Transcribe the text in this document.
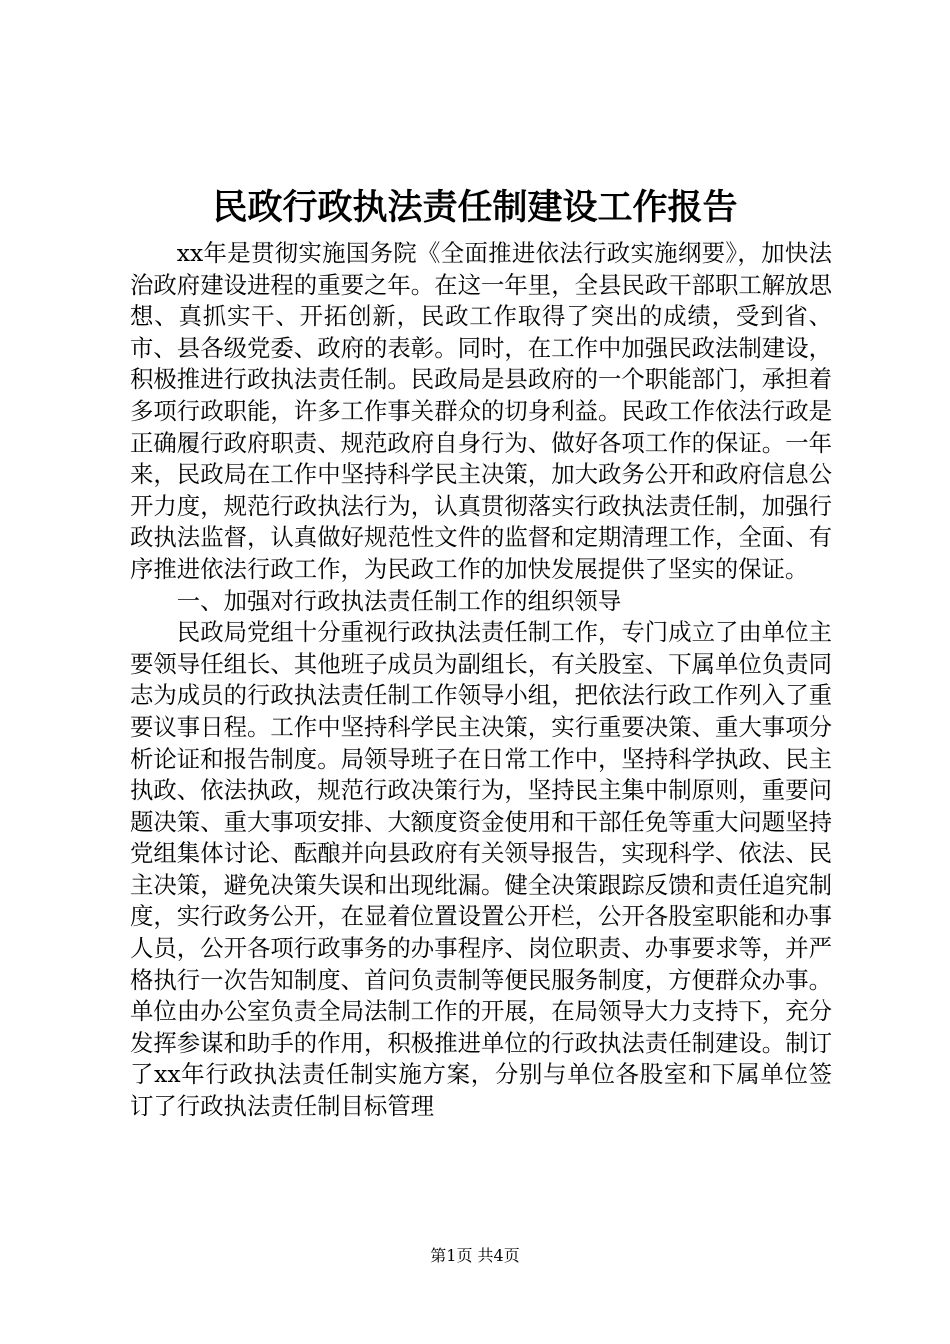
民政行政执法责任制建设工作报告

xx年是贯彻实施国务院《全面推进依法行政实施纲要》，加快法治政府建设进程的重要之年。在这一年里，全县民政干部职工解放思想、真抓实干、开拓创新，民政工作取得了突出的成绩，受到省、市、县各级党委、政府的表彰。同时，在工作中加强民政法制建设，积极推进行政执法责任制。民政局是县政府的一个职能部门，承担着多项行政职能，许多工作事关群众的切身利益。民政工作依法行政是正确履行政府职责、规范政府自身行为、做好各项工作的保证。一年来，民政局在工作中坚持科学民主决策，加大政务公开和政府信息公开力度，规范行政执法行为，认真贯彻落实行政执法责任制，加强行政执法监督，认真做好规范性文件的监督和定期清理工作，全面、有序推进依法行政工作，为民政工作的加快发展提供了坚实的保证。

一、加强对行政执法责任制工作的组织领导

民政局党组十分重视行政执法责任制工作，专门成立了由单位主要领导任组长、其他班子成员为副组长，有关股室、下属单位负责同志为成员的行政执法责任制工作领导小组，把依法行政工作列入了重要议事日程。工作中坚持科学民主决策，实行重要决策、重大事项分析论证和报告制度。局领导班子在日常工作中，坚持科学执政、民主执政、依法执政，规范行政决策行为，坚持民主集中制原则，重要问题决策、重大事项安排、大额度资金使用和干部任免等重大问题坚持党组集体讨论、酝酿并向县政府有关领导报告，实现科学、依法、民主决策，避免决策失误和出现纰漏。健全决策跟踪反馈和责任追究制度，实行政务公开，在显着位置设置公开栏，公开各股室职能和办事人员，公开各项行政事务的办事程序、岗位职责、办事要求等，并严格执行一次告知制度、首问负责制等便民服务制度，方便群众办事。单位由办公室负责全局法制工作的开展，在局领导大力支持下，充分发挥参谋和助手的作用，积极推进单位的行政执法责任制建设。制订了xx年行政执法责任制实施方案，分别与单位各股室和下属单位签订了行政执法责任制目标管理

第1页 共4页
